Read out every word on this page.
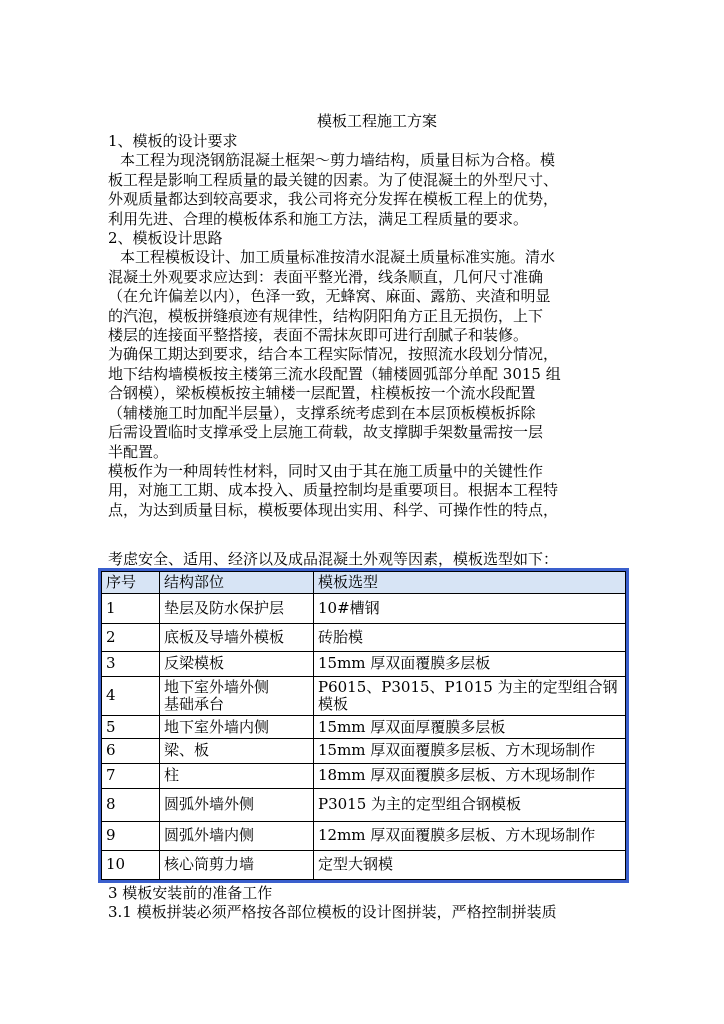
模板工程施工方案
1、模板的设计要求
本工程为现浇钢筋混凝土框架～剪力墙结构，质量目标为合格。模
板工程是影响工程质量的最关键的因素。为了使混凝土的外型尺寸、
外观质量都达到较高要求，我公司将充分发挥在模板工程上的优势，
利用先进、合理的模板体系和施工方法，满足工程质量的要求。
2、模板设计思路
本工程模板设计、加工质量标准按清水混凝土质量标准实施。清水
混凝土外观要求应达到：表面平整光滑，线条顺直，几何尺寸准确
（在允许偏差以内），色泽一致，无蜂窝、麻面、露筋、夹渣和明显
的汽泡，模板拼缝痕迹有规律性，结构阴阳角方正且无损伤，上下
楼层的连接面平整搭接，表面不需抹灰即可进行刮腻子和装修。
为确保工期达到要求，结合本工程实际情况，按照流水段划分情况，
地下结构墙模板按主楼第三流水段配置（辅楼圆弧部分单配 3015 组
合钢模），梁板模板按主辅楼一层配置，柱模板按一个流水段配置
（辅楼施工时加配半层量），支撑系统考虑到在本层顶板模板拆除
后需设置临时支撑承受上层施工荷载，故支撑脚手架数量需按一层
半配置。
模板作为一种周转性材料，同时又由于其在施工质量中的关键性作
用，对施工工期、成本投入、质量控制均是重要项目。根据本工程特
点，为达到质量目标，模板要体现出实用、科学、可操作性的特点，
考虑安全、适用、经济以及成品混凝土外观等因素，模板选型如下：
序号	结构部位	模板选型
1	垫层及防水保护层	10#槽钢
2	底板及导墙外模板	砖胎模
3	反梁模板	15mm 厚双面覆膜多层板
4	地下室外墙外侧
基础承台	P6015、P3015、P1015 为主的定型组合钢
模板
5	地下室外墙内侧	15mm 厚双面厚覆膜多层板
6	梁、板	15mm 厚双面覆膜多层板、方木现场制作
7	柱	18mm 厚双面覆膜多层板、方木现场制作
8	圆弧外墙外侧	P3015 为主的定型组合钢模板
9	圆弧外墙内侧	12mm 厚双面覆膜多层板、方木现场制作
10	核心筒剪力墙	定型大钢模
3 模板安装前的准备工作
3.1 模板拼装必须严格按各部位模板的设计图拼装，严格控制拼装质
